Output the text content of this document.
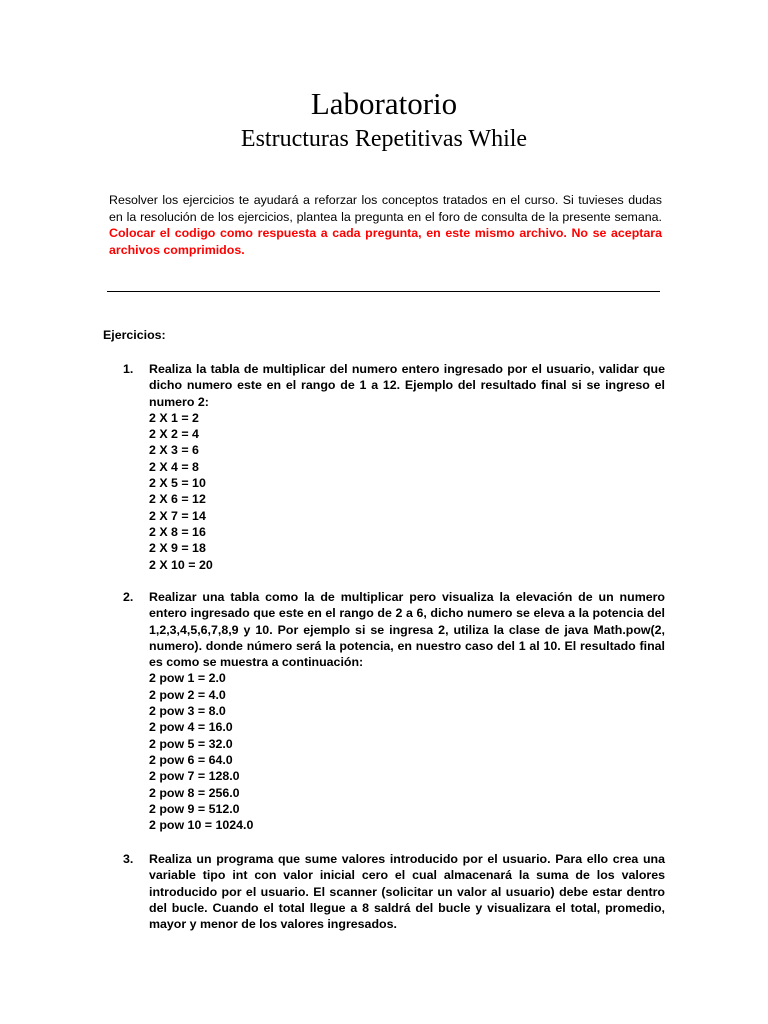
Laboratorio
Estructuras Repetitivas While
Resolver los ejercicios te ayudará a reforzar los conceptos tratados en el curso. Si tuvieses dudas en la resolución de los ejercicios, plantea la pregunta en el foro de consulta de la presente semana. Colocar el codigo como respuesta a cada pregunta, en este mismo archivo. No se aceptara archivos comprimidos.
Ejercicios:
1.	Realiza la tabla de multiplicar del numero entero ingresado por el usuario, validar que dicho numero este en el rango de 1 a 12. Ejemplo del resultado final si se ingreso el numero 2:
2 X 1 = 2
2 X 2 = 4
2 X 3 = 6
2 X 4 = 8
2 X 5 = 10
2 X 6 = 12
2 X 7 = 14
2 X 8 = 16
2 X 9 = 18
2 X 10 = 20
2.	Realizar una tabla como la de multiplicar pero visualiza la elevación de un numero entero ingresado que este en el rango de 2 a 6, dicho numero se eleva a la potencia del 1,2,3,4,5,6,7,8,9 y 10. Por ejemplo si se ingresa 2, utiliza la clase de java Math.pow(2, numero). donde número será la potencia, en nuestro caso del 1 al 10. El resultado final es como se muestra a continuación:
2 pow 1 = 2.0
2 pow 2 = 4.0
2 pow 3 = 8.0
2 pow 4 = 16.0
2 pow 5 = 32.0
2 pow 6 = 64.0
2 pow 7 = 128.0
2 pow 8 = 256.0
2 pow 9 = 512.0
2 pow 10 = 1024.0
3.	Realiza un programa que sume valores introducido por el usuario. Para ello crea una variable tipo int con valor inicial cero el cual almacenará la suma de los valores introducido por el usuario. El scanner (solicitar un valor al usuario) debe estar dentro del bucle. Cuando el total llegue a 8 saldrá del bucle y visualizara el total, promedio, mayor y menor de los valores ingresados.
